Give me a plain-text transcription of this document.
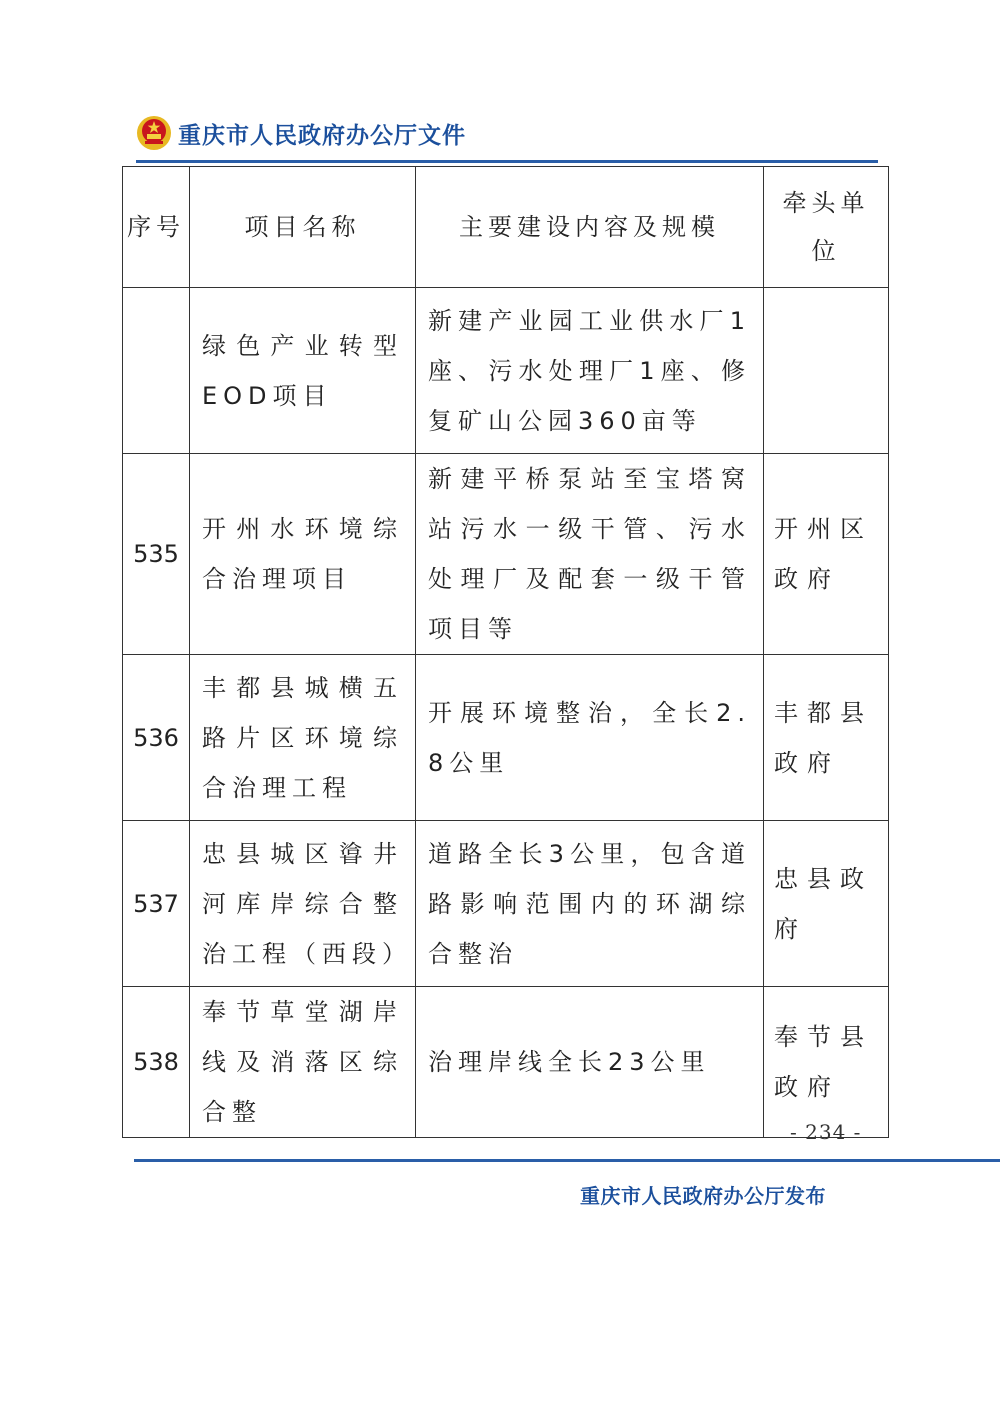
重庆市人民政府办公厅文件
序号	项目名称	主要建设内容及规模	牵头单位
	绿色产业转型EOD项目	新建产业园工业供水厂1座、污水处理厂1座、修复矿山公园360亩等	
535	开州水环境综合治理项目	新建平桥泵站至宝塔窝站污水一级干管、污水处理厂及配套一级干管项目等	开州区政府
536	丰都县城横五路片区环境综合治理工程	开展环境整治，全长2.8公里	丰都县政府
537	忠县城区㽏井河库岸综合整治工程（西段）	道路全长3公里，包含道路影响范围内的环湖综合整治	忠县政府
538	奉节草堂湖岸线及消落区综合整	治理岸线全长23公里	奉节县政府
- 234 -
重庆市人民政府办公厅发布
